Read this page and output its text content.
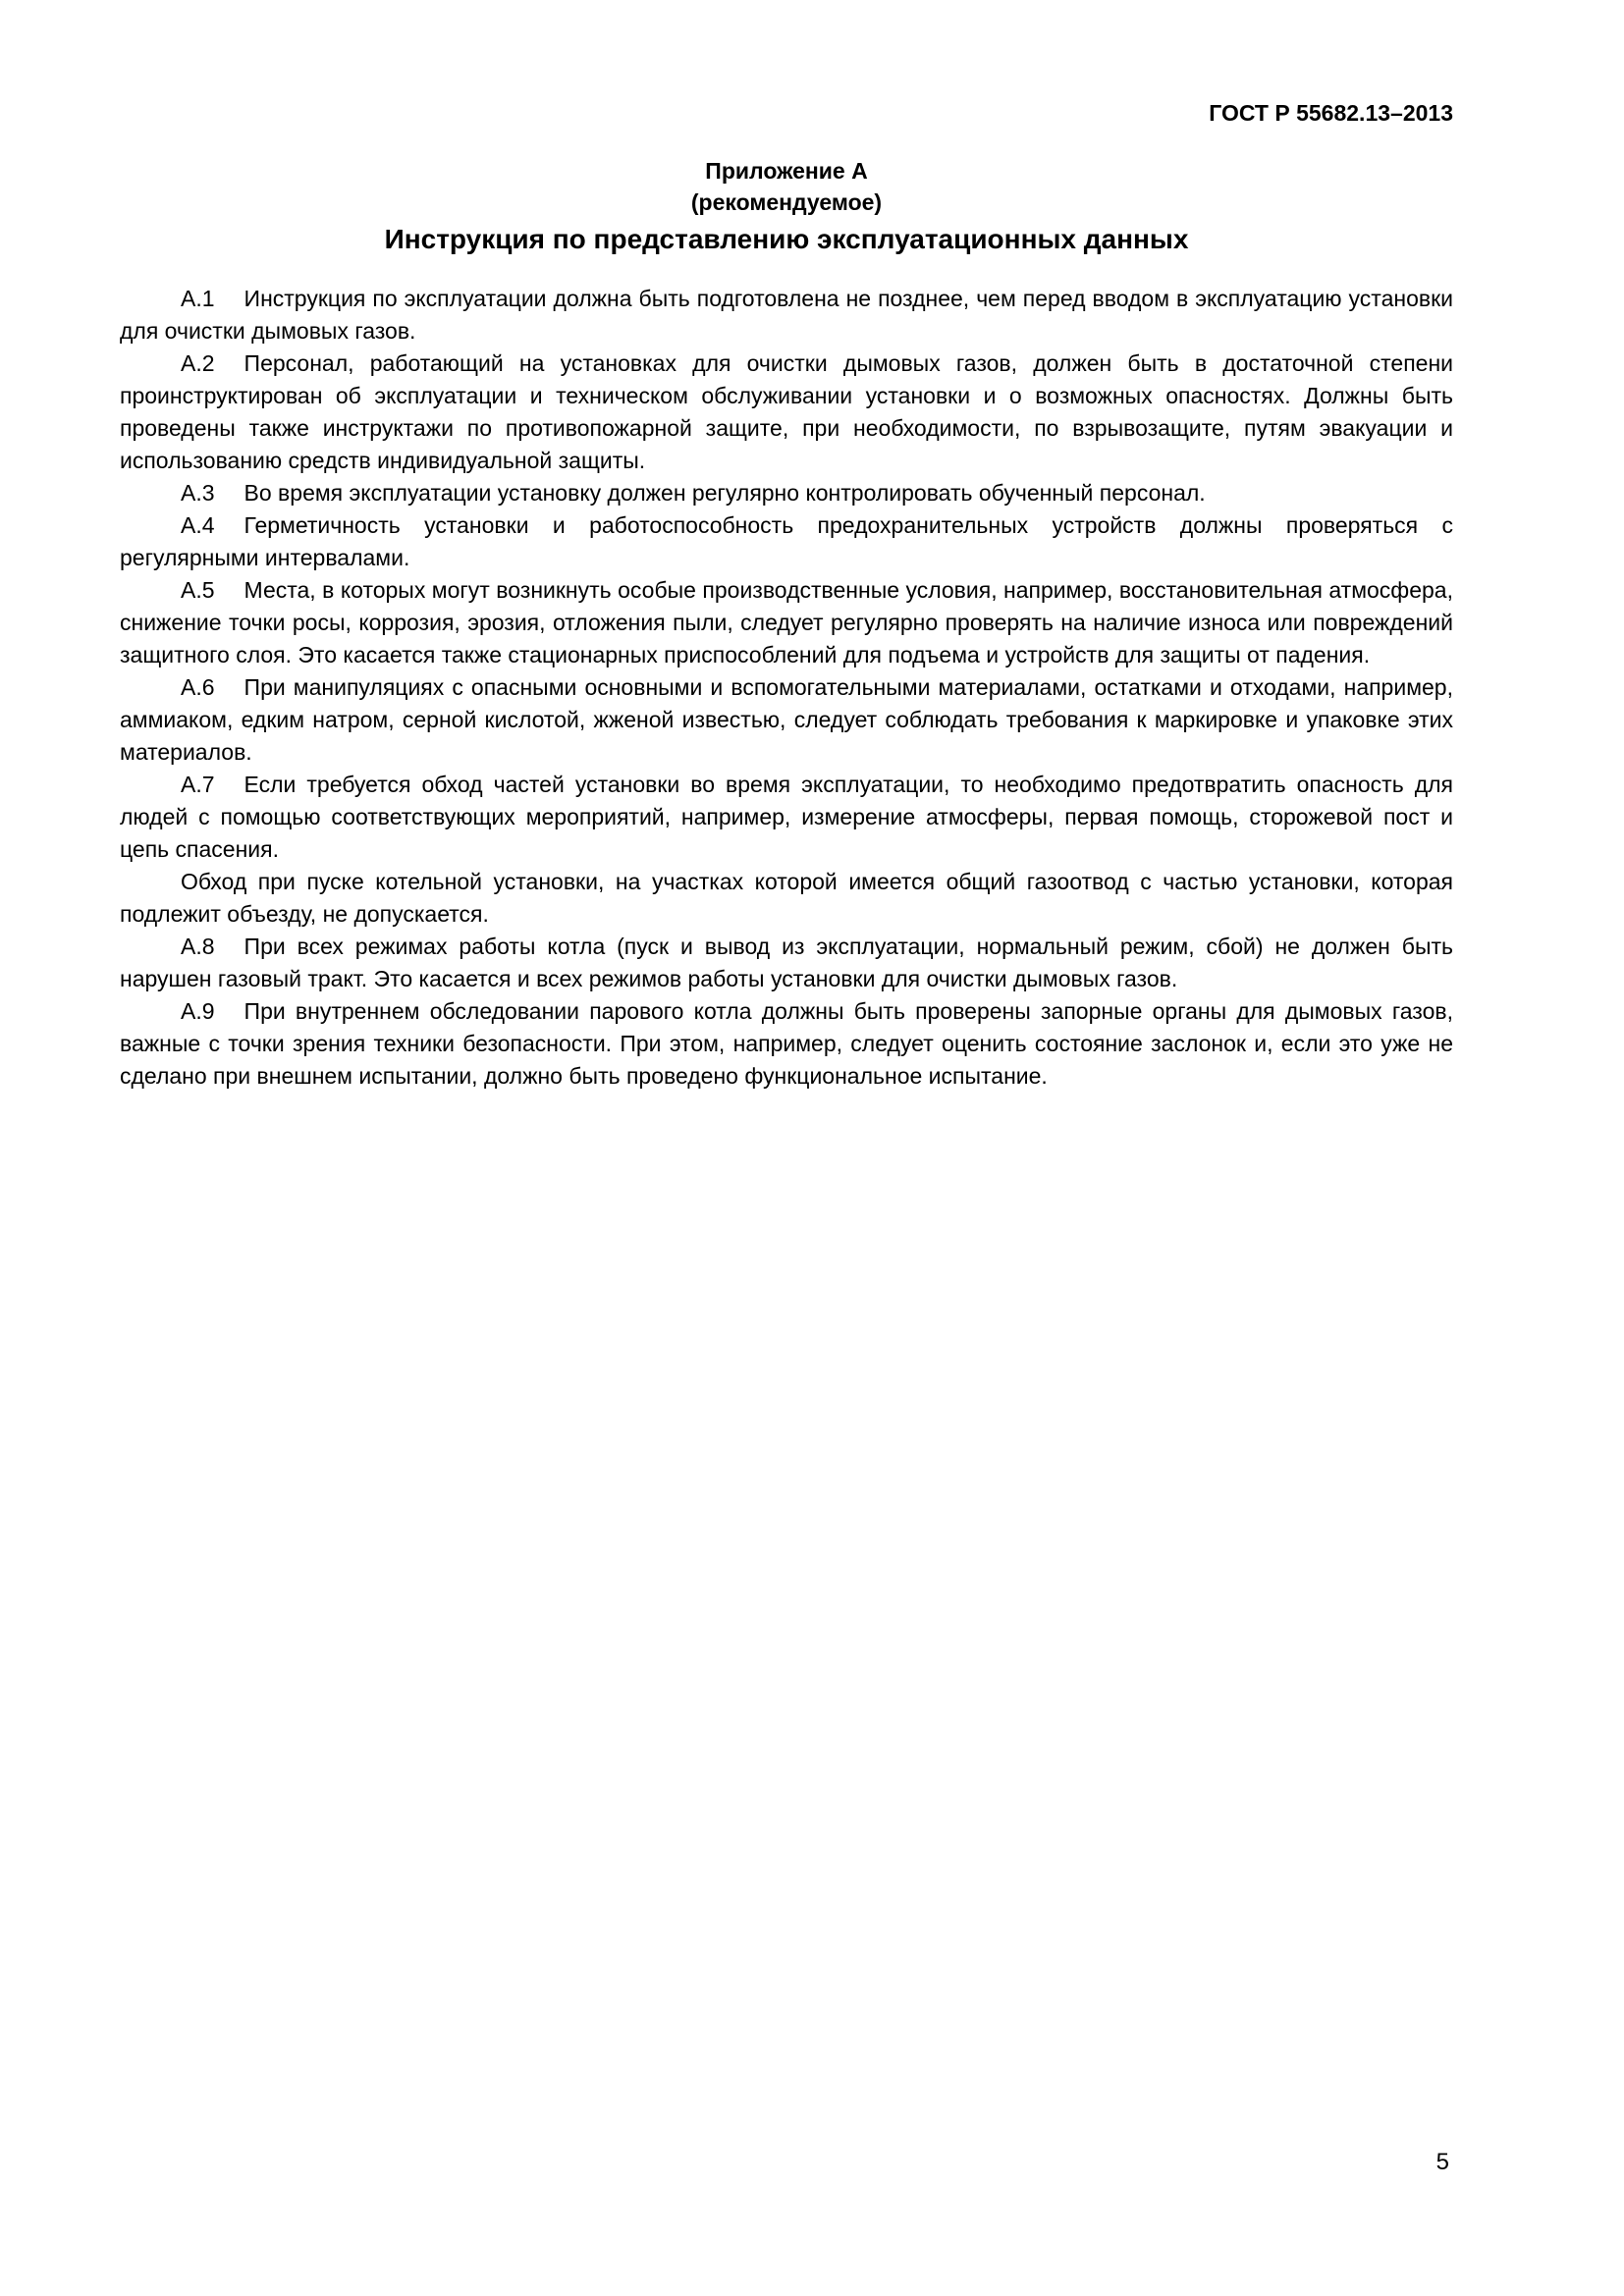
ГОСТ Р 55682.13–2013
Приложение А
(рекомендуемое)
Инструкция по представлению эксплуатационных данных

А.1 Инструкция по эксплуатации должна быть подготовлена не позднее, чем перед вводом в эксплуатацию установки для очистки дымовых газов.

А.2 Персонал, работающий на установках для очистки дымовых газов, должен быть в достаточной степени проинструктирован об эксплуатации и техническом обслуживании установки и о возможных опасностях. Должны быть проведены также инструктажи по противопожарной защите, при необходимости, по взрывозащите, путям эвакуации и использованию средств индивидуальной защиты.

А.3 Во время эксплуатации установку должен регулярно контролировать обученный персонал.

А.4 Герметичность установки и работоспособность предохранительных устройств должны проверяться с регулярными интервалами.

А.5 Места, в которых могут возникнуть особые производственные условия, например, восстановительная атмосфера, снижение точки росы, коррозия, эрозия, отложения пыли, следует регулярно проверять на наличие износа или повреждений защитного слоя. Это касается также стационарных приспособлений для подъема и устройств для защиты от падения.

А.6 При манипуляциях с опасными основными и вспомогательными материалами, остатками и отходами, например, аммиаком, едким натром, серной кислотой, жженой известью, следует соблюдать требования к маркировке и упаковке этих материалов.

А.7 Если требуется обход частей установки во время эксплуатации, то необходимо предотвратить опасность для людей с помощью соответствующих мероприятий, например, измерение атмосферы, первая помощь, сторожевой пост и цепь спасения.

Обход при пуске котельной установки, на участках которой имеется общий газоотвод с частью установки, которая подлежит объезду, не допускается.

А.8 При всех режимах работы котла (пуск и вывод из эксплуатации, нормальный режим, сбой) не должен быть нарушен газовый тракт. Это касается и всех режимов работы установки для очистки дымовых газов.

А.9 При внутреннем обследовании парового котла должны быть проверены запорные органы для дымовых газов, важные с точки зрения техники безопасности. При этом, например, следует оценить состояние заслонок и, если это уже не сделано при внешнем испытании, должно быть проведено функциональное испытание.

5
